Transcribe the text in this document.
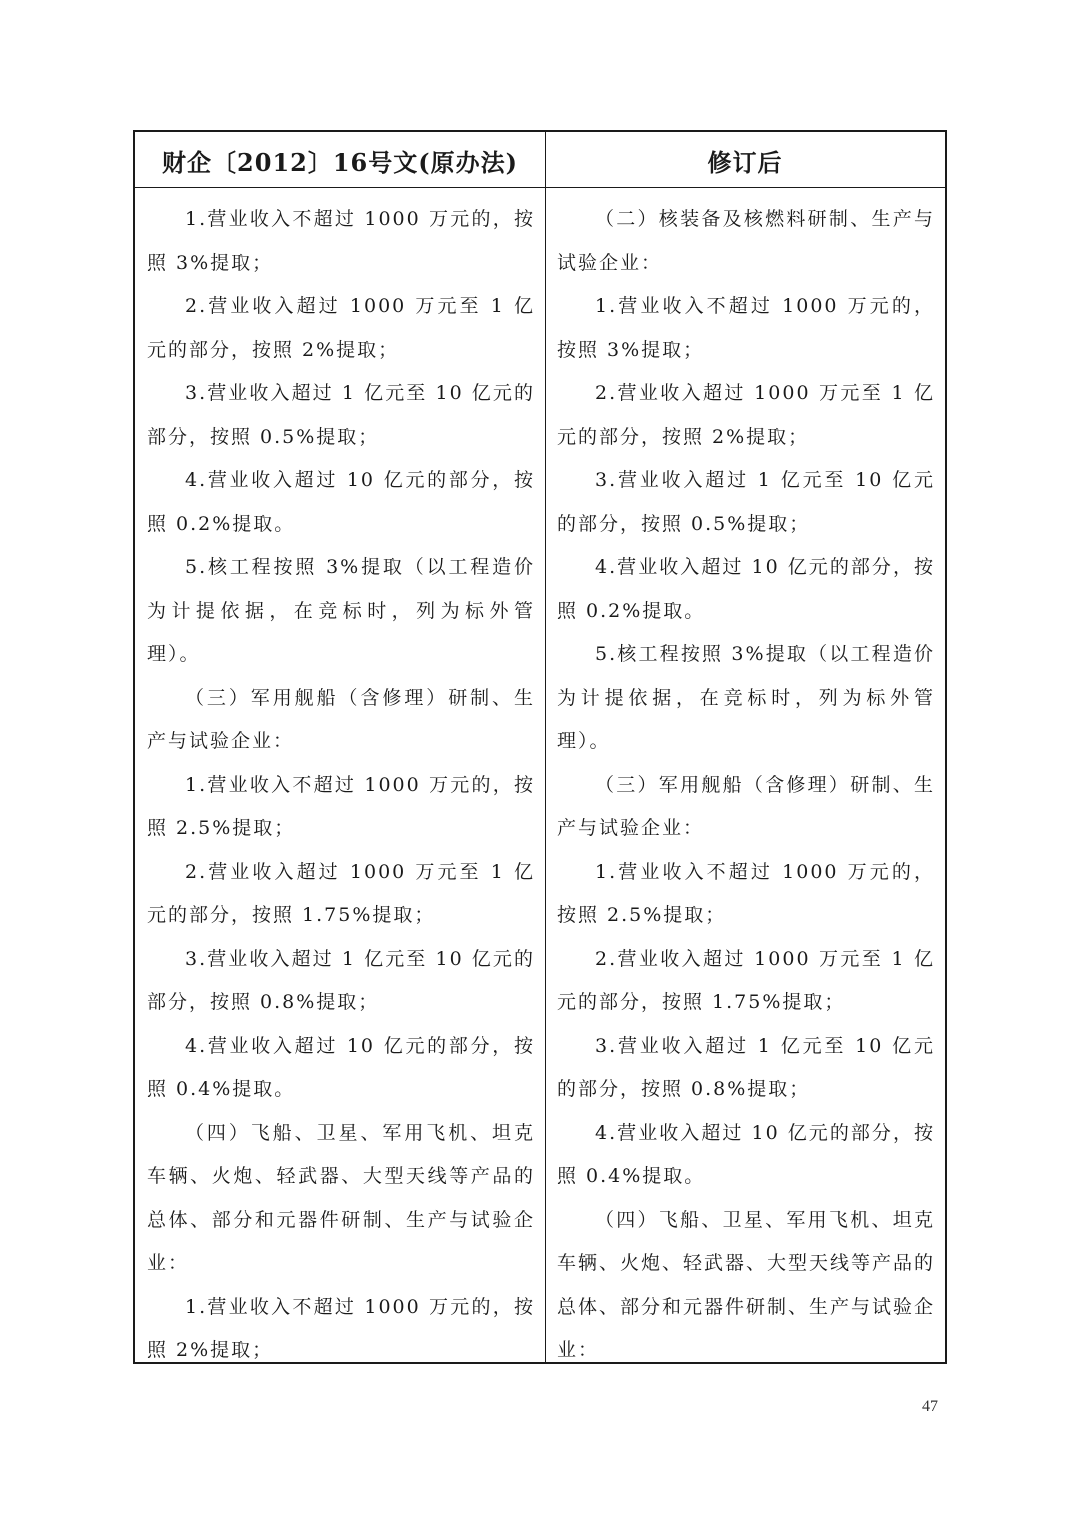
财企〔2012〕16号文(原办法)	修订后

1.营业收入不超过 1000 万元的，按照 3%提取；

2.营业收入超过 1000 万元至 1 亿元的部分，按照 2%提取；

3.营业收入超过 1 亿元至 10 亿元的部分，按照 0.5%提取；

4.营业收入超过 10 亿元的部分，按照 0.2%提取。

5.核工程按照 3%提取（以工程造价为计提依据，在竞标时，列为标外管理）。

（三）军用舰船（含修理）研制、生产与试验企业：

1.营业收入不超过 1000 万元的，按照 2.5%提取；

2.营业收入超过 1000 万元至 1 亿元的部分，按照 1.75%提取；

3.营业收入超过 1 亿元至 10 亿元的部分，按照 0.8%提取；

4.营业收入超过 10 亿元的部分，按照 0.4%提取。

（四）飞船、卫星、军用飞机、坦克车辆、火炮、轻武器、大型天线等产品的总体、部分和元器件研制、生产与试验企业：

1.营业收入不超过 1000 万元的，按照 2%提取；

（二）核装备及核燃料研制、生产与试验企业：

1.营业收入不超过 1000 万元的，按照 3%提取；

2.营业收入超过 1000 万元至 1 亿元的部分，按照 2%提取；

3.营业收入超过 1 亿元至 10 亿元的部分，按照 0.5%提取；

4.营业收入超过 10 亿元的部分，按照 0.2%提取。

5.核工程按照 3%提取（以工程造价为计提依据，在竞标时，列为标外管理）。

（三）军用舰船（含修理）研制、生产与试验企业：

1.营业收入不超过 1000 万元的，按照 2.5%提取；

2.营业收入超过 1000 万元至 1 亿元的部分，按照 1.75%提取；

3.营业收入超过 1 亿元至 10 亿元的部分，按照 0.8%提取；

4.营业收入超过 10 亿元的部分，按照 0.4%提取。

（四）飞船、卫星、军用飞机、坦克车辆、火炮、轻武器、大型天线等产品的总体、部分和元器件研制、生产与试验企业：

47
